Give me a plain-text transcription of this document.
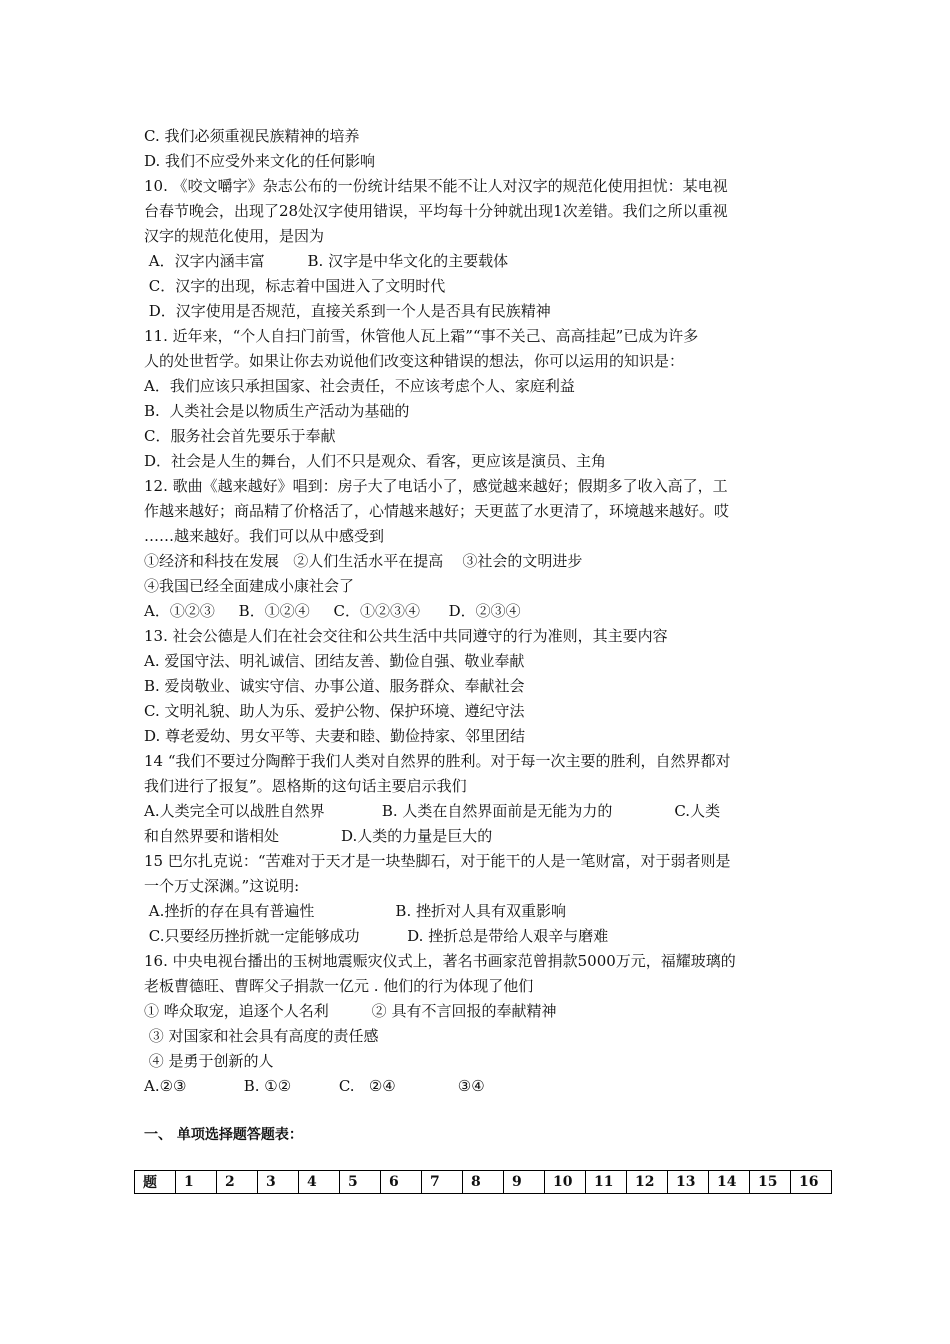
C. 我们必须重视民族精神的培养
D. 我们不应受外来文化的任何影响
10. 《咬文嚼字》杂志公布的一份统计结果不能不让人对汉字的规范化使用担忧：某电视
台春节晚会，出现了28处汉字使用错误，平均每十分钟就出现1次差错。我们之所以重视
汉字的规范化使用，是因为
A．汉字内涵丰富         B. 汉字是中华文化的主要载体
C．汉字的出现，标志着中国进入了文明时代
D．汉字使用是否规范，直接关系到一个人是否具有民族精神
11. 近年来，“个人自扫门前雪，休管他人瓦上霜”“事不关己、高高挂起”已成为许多
人的处世哲学。如果让你去劝说他们改变这种错误的想法，你可以运用的知识是：
A．我们应该只承担国家、社会责任，不应该考虑个人、家庭利益
B.  人类社会是以物质生产活动为基础的
C．服务社会首先要乐于奉献
D．社会是人生的舞台，人们不只是观众、看客，更应该是演员、主角
12. 歌曲《越来越好》唱到：房子大了电话小了，感觉越来越好；假期多了收入高了，工
作越来越好；商品精了价格活了，心情越来越好；天更蓝了水更清了，环境越来越好。哎
……越来越好。我们可以从中感受到
①经济和科技在发展   ②人们生活水平在提高    ③社会的文明进步
④我国已经全面建成小康社会了
A．①②③     B．①②④     C．①②③④      D．②③④
13. 社会公德是人们在社会交往和公共生活中共同遵守的行为准则，其主要内容
A. 爱国守法、明礼诚信、团结友善、勤俭自强、敬业奉献
B. 爱岗敬业、诚实守信、办事公道、服务群众、奉献社会
C. 文明礼貌、助人为乐、爱护公物、保护环境、遵纪守法
D. 尊老爱幼、男女平等、夫妻和睦、勤俭持家、邻里团结
14 “我们不要过分陶醉于我们人类对自然界的胜利。对于每一次主要的胜利，自然界都对
我们进行了报复”。恩格斯的这句话主要启示我们
A.人类完全可以战胜自然界            B. 人类在自然界面前是无能为力的             C.人类
和自然界要和谐相处             D.人类的力量是巨大的
15 巴尔扎克说：“苦难对于天才是一块垫脚石，对于能干的人是一笔财富，对于弱者则是
一个万丈深渊。”这说明:
A.挫折的存在具有普遍性                 B. 挫折对人具有双重影响
C.只要经历挫折就一定能够成功          D. 挫折总是带给人艰辛与磨难
16. 中央电视台播出的玉树地震赈灾仪式上，著名书画家范曾捐款5000万元，福耀玻璃的
老板曹德旺、曹晖父子捐款一亿元 . 他们的行为体现了他们
① 哗众取宠，追逐个人名利         ② 具有不言回报的奉献精神
③ 对国家和社会具有高度的责任感
④ 是勇于创新的人
A.②③            B. ①②          C.   ②④             ③④
一、 单项选择题答题表：
题	1	2	3	4	5	6	7	8	9	10	11	12	13	14	15	16
